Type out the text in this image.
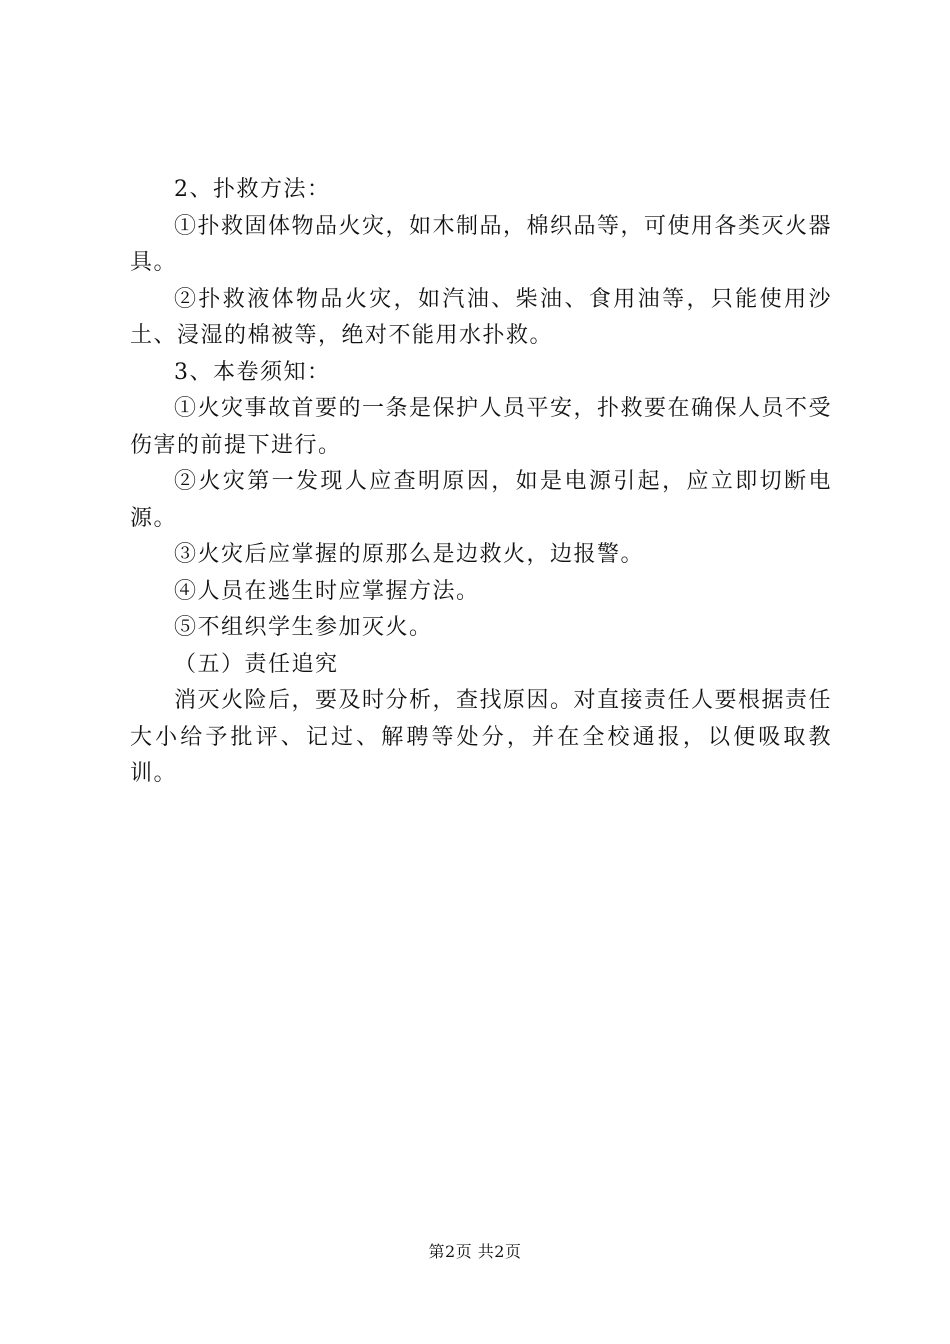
2、扑救方法：

①扑救固体物品火灾，如木制品，棉织品等，可使用各类灭火器具。

②扑救液体物品火灾，如汽油、柴油、食用油等，只能使用沙土、浸湿的棉被等，绝对不能用水扑救。

3、本卷须知：

①火灾事故首要的一条是保护人员平安，扑救要在确保人员不受伤害的前提下进行。

②火灾第一发现人应查明原因，如是电源引起，应立即切断电源。

③火灾后应掌握的原那么是边救火，边报警。

④人员在逃生时应掌握方法。

⑤不组织学生参加灭火。

（五）责任追究

消灭火险后，要及时分析，查找原因。对直接责任人要根据责任大小给予批评、记过、解聘等处分，并在全校通报，以便吸取教训。

第2页 共2页
